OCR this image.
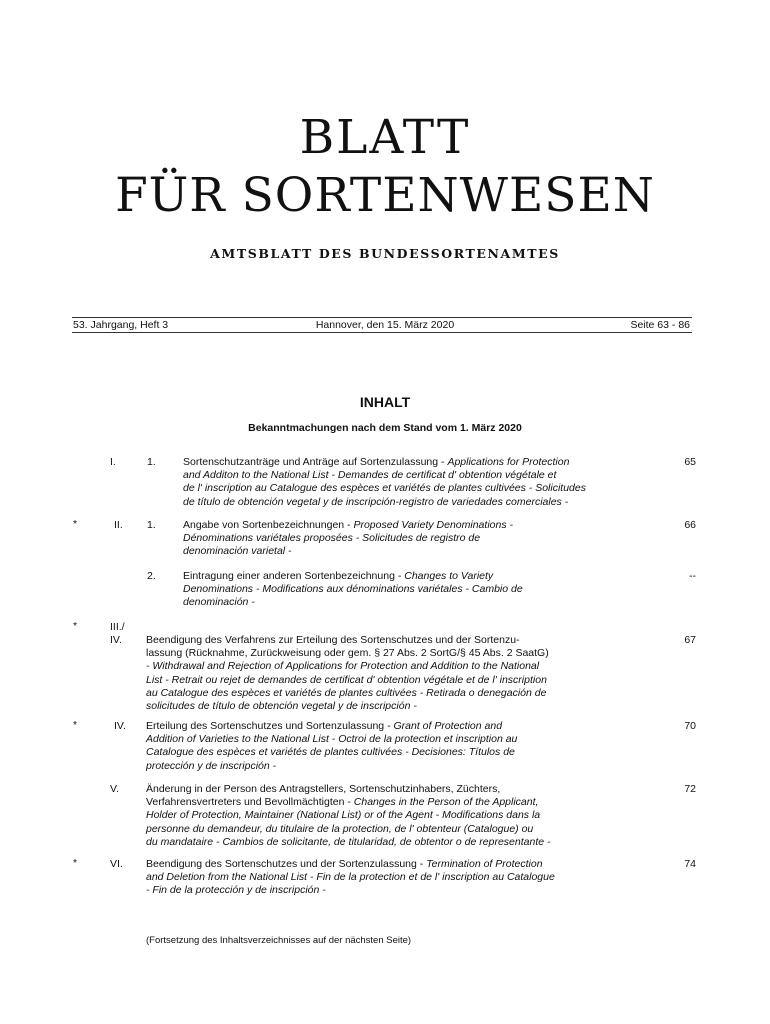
BLATT
FÜR SORTENWESEN
AMTSBLATT DES BUNDESSORTENAMTES
53. Jahrgang, Heft 3	Hannover, den 15. März 2020	Seite 63 - 86
INHALT
Bekanntmachungen nach dem Stand vom 1. März 2020
I.	1.	Sortenschutzanträge und Anträge auf Sortenzulassung - Applications for Protection
and Additon to the National List - Demandes de certificat d' obtention végétale et
de l' inscription au Catalogue des espèces et variétés de plantes cultivées - Solicitudes
de título de obtención vegetal y de inscripción-registro de variedades comerciales -
65
*	II. 1.	Angabe von Sortenbezeichnungen - Proposed Variety Denominations -
Dénominations variétales proposées - Solicitudes de registro de
denominación varietal -
66
2.	Eintragung einer anderen Sortenbezeichnung - Changes to Variety
Denominations - Modifications aux dénominations variétales - Cambio de
denominación -
--
*	III./
IV. Beendigung des Verfahrens zur Erteilung des Sortenschutzes und der Sortenzu-
lassung (Rücknahme, Zurückweisung oder gem. § 27 Abs. 2 SortG/§ 45 Abs. 2 SaatG)
- Withdrawal and Rejection of Applications for Protection and Addition to the National
List - Retrait ou rejet de demandes de certificat d' obtention végétale et de l' inscription
au Catalogue des espèces et variétés de plantes cultivées - Retirada o denegación de
solicitudes de título de obtención vegetal y de inscripción -
67
*	IV. Erteilung des Sortenschutzes und Sortenzulassung - Grant of Protection and
Addition of Varieties to the National List - Octroi de la protection et inscription au
Catalogue des espèces et variétés de plantes cultivées - Decisiones: Títulos de
protección y de inscripción -
70
V.	Änderung in der Person des Antragstellers, Sortenschutzinhabers, Züchters,
Verfahrensvertreters und Bevollmächtigten - Changes in the Person of the Applicant,
Holder of Protection, Maintainer (National List) or of the Agent - Modifications dans la
personne du demandeur, du titulaire de la protection, de l' obtenteur (Catalogue) ou
du mandataire - Cambios de solicitante, de titularidad, de obtentor o de representante -
72
*	VI. Beendigung des Sortenschutzes und der Sortenzulassung - Termination of Protection
and Deletion from the National List - Fin de la protection et de l' inscription au Catalogue
- Fin de la protección y de inscripción -
74
(Fortsetzung des Inhaltsverzeichnisses auf der nächsten Seite)
